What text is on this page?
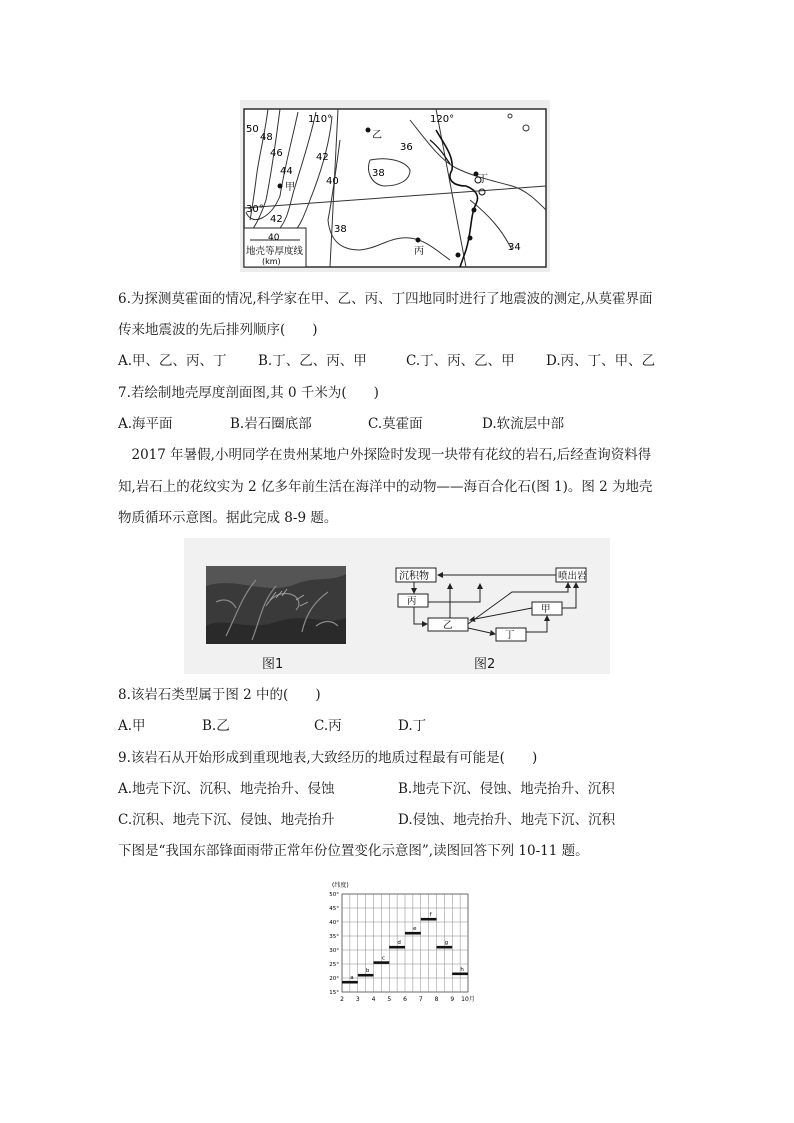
110°	120°
30°
50
48
46
44
42
42
40
36
38
38
34
甲
乙
丙
丁
40
地壳等厚度线
(km)
6.为探测莫霍面的情况,科学家在甲、乙、丙、丁四地同时进行了地震波的测定,从莫霍界面
传来地震波的先后排列顺序(　　)
A.甲、乙、丙、丁 B.丁、乙、丙、甲	C.丁、丙、乙、甲 D.丙、丁、甲、乙
7.若绘制地壳厚度剖面图,其 0 千米为(　　)
A.海平面	B.岩石圈底部	C.莫霍面	D.软流层中部
　2017 年暑假,小明同学在贵州某地户外探险时发现一块带有花纹的岩石,后经查询资料得
知,岩石上的花纹实为 2 亿多年前生活在海洋中的动物——海百合化石(图 1)。图 2 为地壳
物质循环示意图。据此完成 8-9 题。
图1
沉积物	喷出岩
丙
甲
乙
丁
图2
8.该岩石类型属于图 2 中的(　　)
A.甲	B.乙	C.丙	D.丁
9.该岩石从开始形成到重现地表,大致经历的地质过程最有可能是(　　)
A.地壳下沉、沉积、地壳抬升、侵蚀	B.地壳下沉、侵蚀、地壳抬升、沉积
C.沉积、地壳下沉、侵蚀、地壳抬升	D.侵蚀、地壳抬升、地壳下沉、沉积
下图是“我国东部锋面雨带正常年份位置变化示意图”,读图回答下列 10-11 题。
(纬度)
15°
20°
25°
30°
35°
40°
45°
50°
2 3 4 5 6 7 8 9 10月
a
b
c
d
e
f
g
h
